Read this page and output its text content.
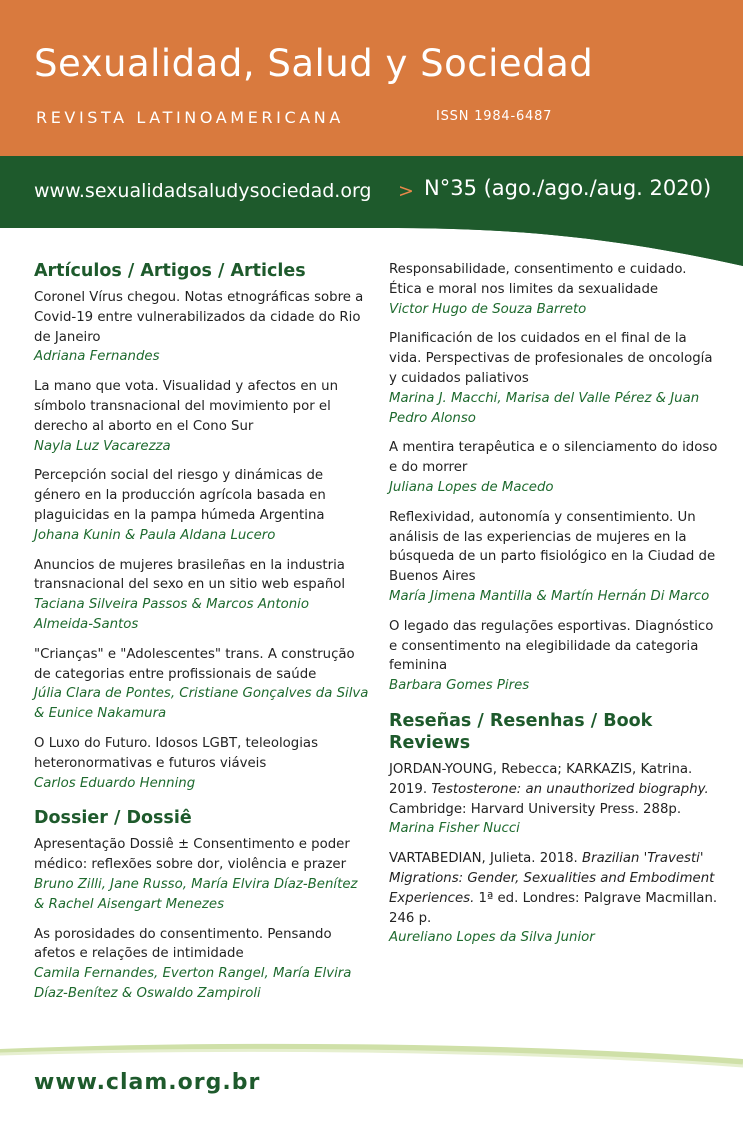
Sexualidad, Salud y Sociedad
REVISTA LATINOAMERICANA	ISSN 1984-6487
www.sexualidadsaludysociedad.org > N°35 (ago./ago./aug. 2020)
Artículos / Artigos / Articles
Coronel Vírus chegou. Notas etnográficas sobre a Covid-19 entre vulnerabilizados da cidade do Rio de Janeiro
Adriana Fernandes
La mano que vota. Visualidad y afectos en un símbolo transnacional del movimiento por el derecho al aborto en el Cono Sur
Nayla Luz Vacarezza
Percepción social del riesgo y dinámicas de género en la producción agrícola basada en plaguicidas en la pampa húmeda Argentina
Johana Kunin & Paula Aldana Lucero
Anuncios de mujeres brasileñas en la industria transnacional del sexo en un sitio web español
Taciana Silveira Passos & Marcos Antonio Almeida-Santos
"Crianças" e "Adolescentes" trans. A construção de categorias entre profissionais de saúde
Júlia Clara de Pontes, Cristiane Gonçalves da Silva & Eunice Nakamura
O Luxo do Futuro. Idosos LGBT, teleologias heteronormativas e futuros viáveis
Carlos Eduardo Henning
Dossier / Dossiê
Apresentação Dossiê ± Consentimento e poder médico: reflexões sobre dor, violência e prazer
Bruno Zilli, Jane Russo, María Elvira Díaz-Benítez & Rachel Aisengart Menezes
As porosidades do consentimento. Pensando afetos e relações de intimidade
Camila Fernandes, Everton Rangel, María Elvira Díaz-Benítez & Oswaldo Zampiroli
Responsabilidade, consentimento e cuidado. Ética e moral nos limites da sexualidade
Victor Hugo de Souza Barreto
Planificación de los cuidados en el final de la vida. Perspectivas de profesionales de oncología y cuidados paliativos
Marina J. Macchi, Marisa del Valle Pérez & Juan Pedro Alonso
A mentira terapêutica e o silenciamento do idoso e do morrer
Juliana Lopes de Macedo
Reflexividad, autonomía y consentimiento. Un análisis de las experiencias de mujeres en la búsqueda de un parto fisiológico en la Ciudad de Buenos Aires
María Jimena Mantilla & Martín Hernán Di Marco
O legado das regulações esportivas. Diagnóstico e consentimento na elegibilidade da categoria feminina
Barbara Gomes Pires
Reseñas / Resenhas / Book Reviews
JORDAN-YOUNG, Rebecca; KARKAZIS, Katrina. 2019. Testosterone: an unauthorized biography. Cambridge: Harvard University Press. 288p.
Marina Fisher Nucci
VARTABEDIAN, Julieta. 2018. Brazilian 'Travesti' Migrations: Gender, Sexualities and Embodiment Experiences. 1ª ed. Londres: Palgrave Macmillan. 246 p.
Aureliano Lopes da Silva Junior
www.clam.org.br
